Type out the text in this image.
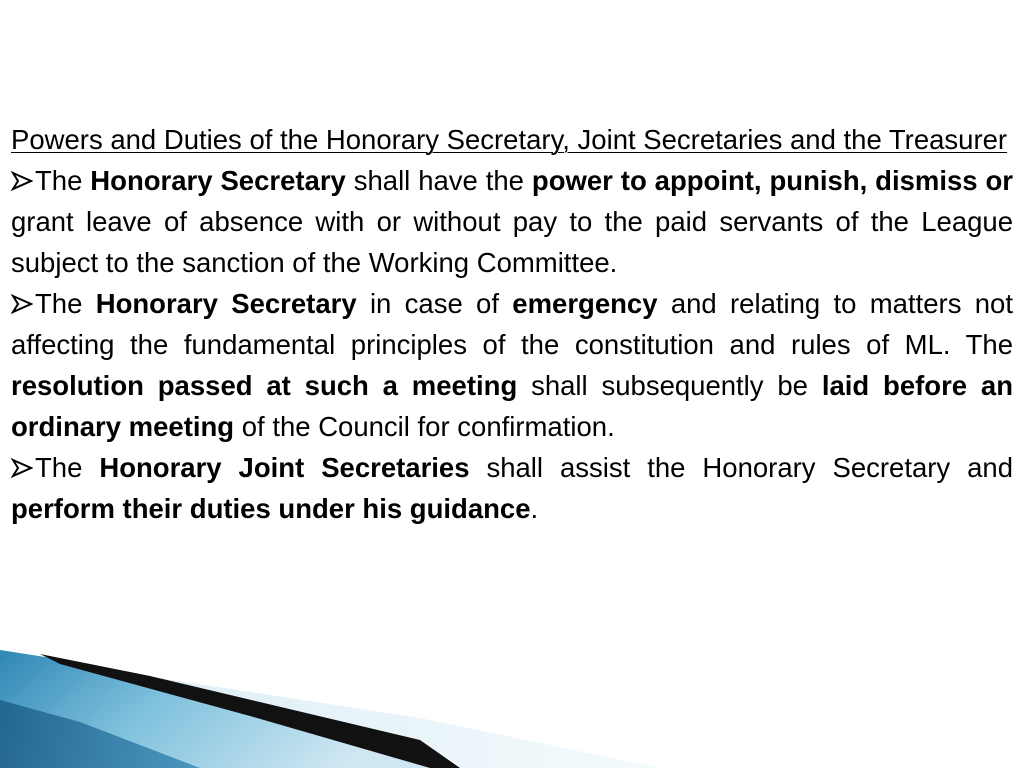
Powers and Duties of the Honorary Secretary, Joint Secretaries and the Treasurer

The Honorary Secretary shall have the power to appoint, punish, dismiss or grant leave of absence with or without pay to the paid servants of the League subject to the sanction of the Working Committee.

The Honorary Secretary in case of emergency and relating to matters not affecting the fundamental principles of the constitution and rules of ML. The resolution passed at such a meeting shall subsequently be laid before an ordinary meeting of the Council for confirmation.

The Honorary Joint Secretaries shall assist the Honorary Secretary and perform their duties under his guidance.
